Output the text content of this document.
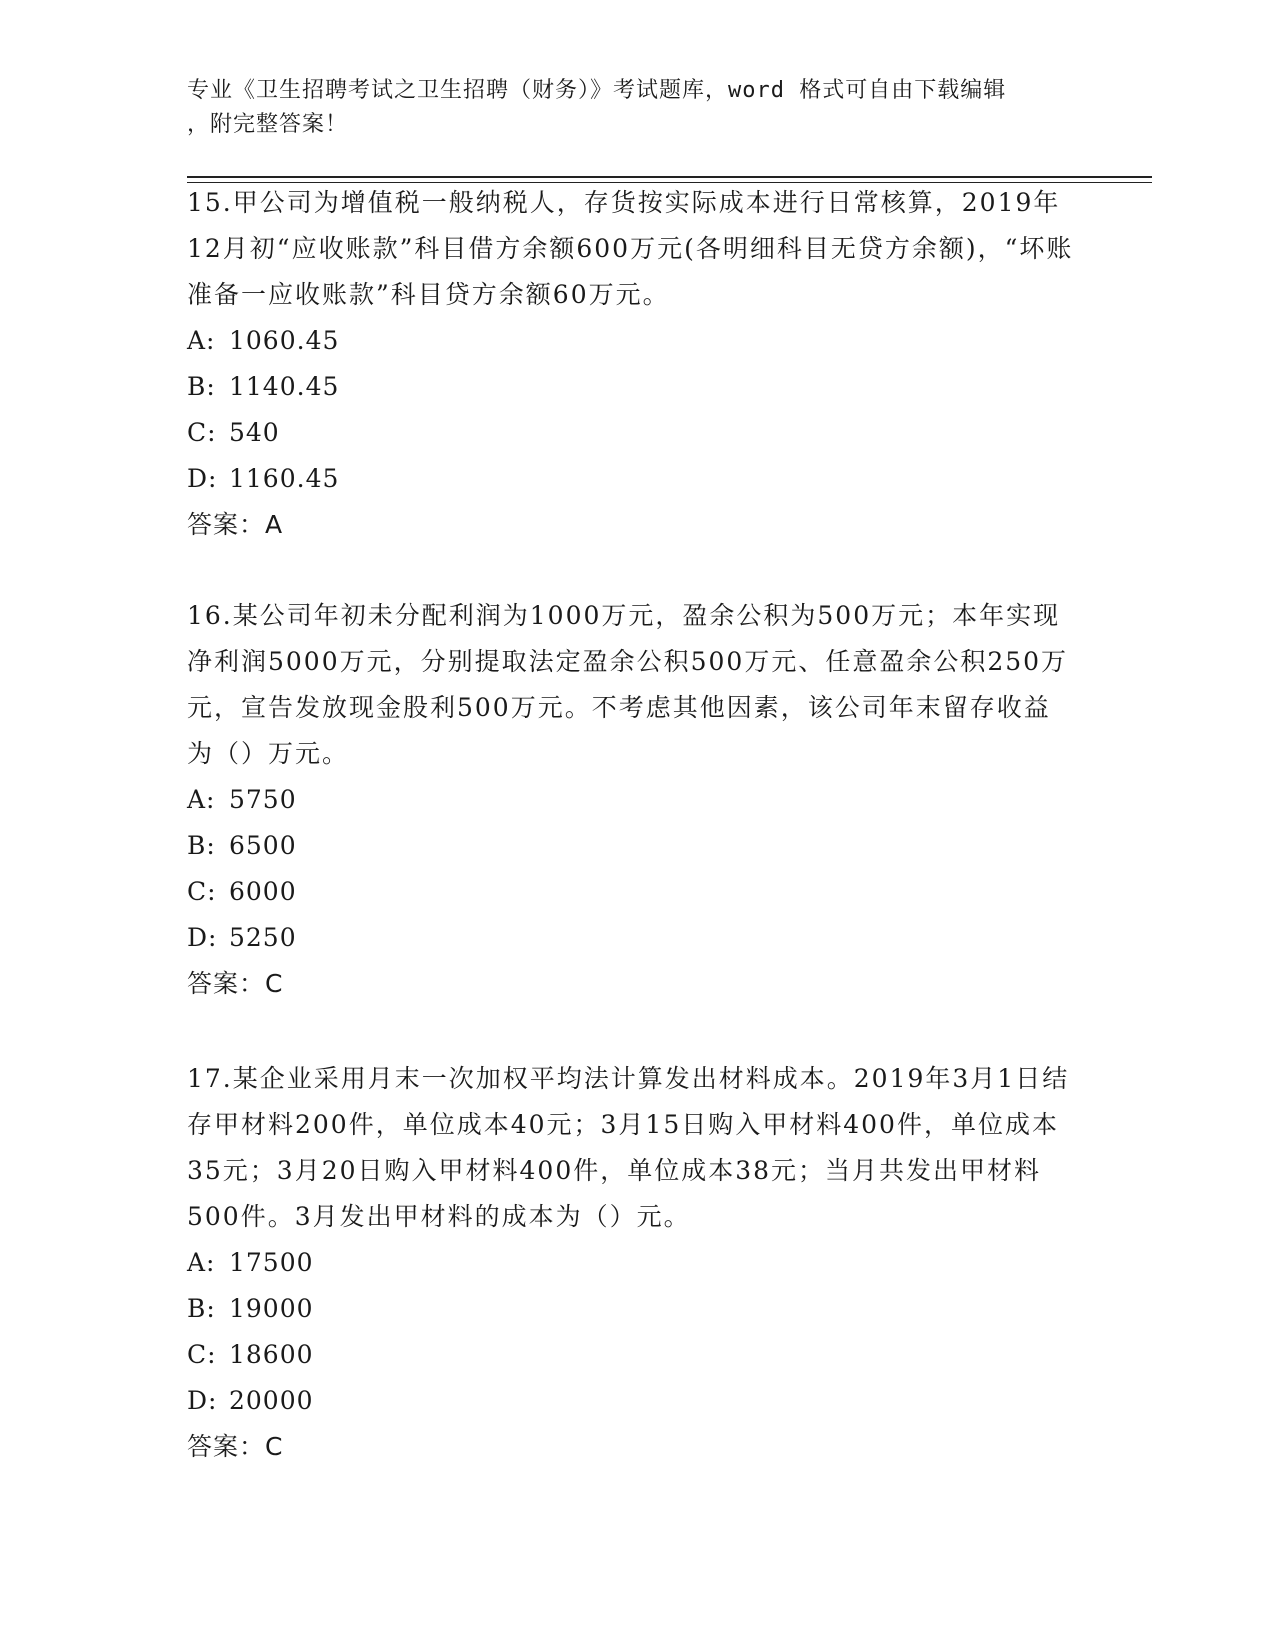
专业《卫生招聘考试之卫生招聘（财务）》考试题库，word 格式可自由下载编辑
，附完整答案！

15.甲公司为增值税一般纳税人，存货按实际成本进行日常核算，2019年12月初“应收账款”科目借方余额600万元(各明细科目无贷方余额)，“坏账准备一应收账款”科目贷方余额60万元。

A: 1060.45

B: 1140.45

C: 540

D: 1160.45

答案：A

16.某公司年初未分配利润为1000万元，盈余公积为500万元；本年实现净利润5000万元，分别提取法定盈余公积500万元、任意盈余公积250万元，宣告发放现金股利500万元。不考虑其他因素，该公司年末留存收益为（）万元。

A: 5750

B: 6500

C: 6000

D: 5250

答案：C

17.某企业采用月末一次加权平均法计算发出材料成本。2019年3月1日结存甲材料200件，单位成本40元；3月15日购入甲材料400件，单位成本35元；3月20日购入甲材料400件，单位成本38元；当月共发出甲材料500件。3月发出甲材料的成本为（）元。

A: 17500

B: 19000

C: 18600

D: 20000

答案：C
